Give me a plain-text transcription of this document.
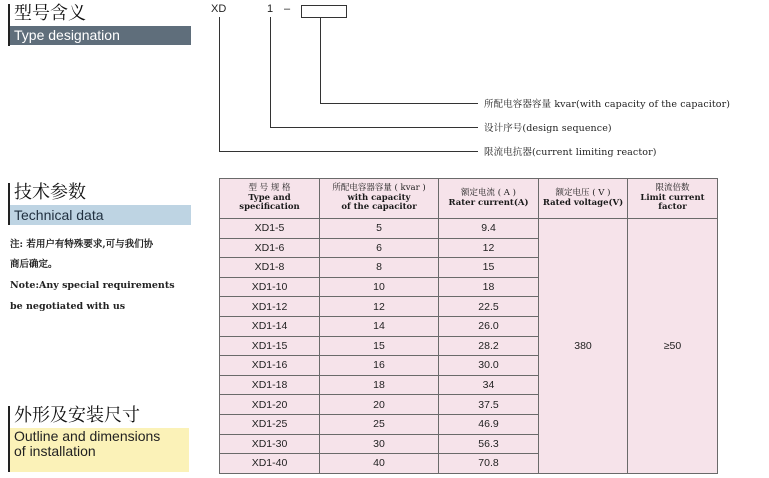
型号含义
Type designation
XD	1 –
所配电容器容量 kvar(with capacity of the capacitor)
设计序号(design sequence)
限流电抗器(current limiting reactor)
技术参数
Technical data
注: 若用户有特殊要求,可与我们协
商后确定。
Note:Any special requirements
be negotiated with us
外形及安装尺寸
Outline and dimensions
of installation
型 号 规 格
Type and
specification	所配电容器容量 ( kvar )
with capacity
of the capacitor	额定电流 ( A )
Rater current(A)	额定电压 ( V )
Rated voltage(V)	限流倍数
Limit current
factor

XD1-5	5	9.4	380	≥50
XD1-6	6	12		
XD1-8	8	15		
XD1-10	10	18		
XD1-12	12	22.5		
XD1-14	14	26.0		
XD1-15	15	28.2		
XD1-16	16	30.0		
XD1-18	18	34		
XD1-20	20	37.5		
XD1-25	25	46.9		
XD1-30	30	56.3		
XD1-40	40	70.8		
